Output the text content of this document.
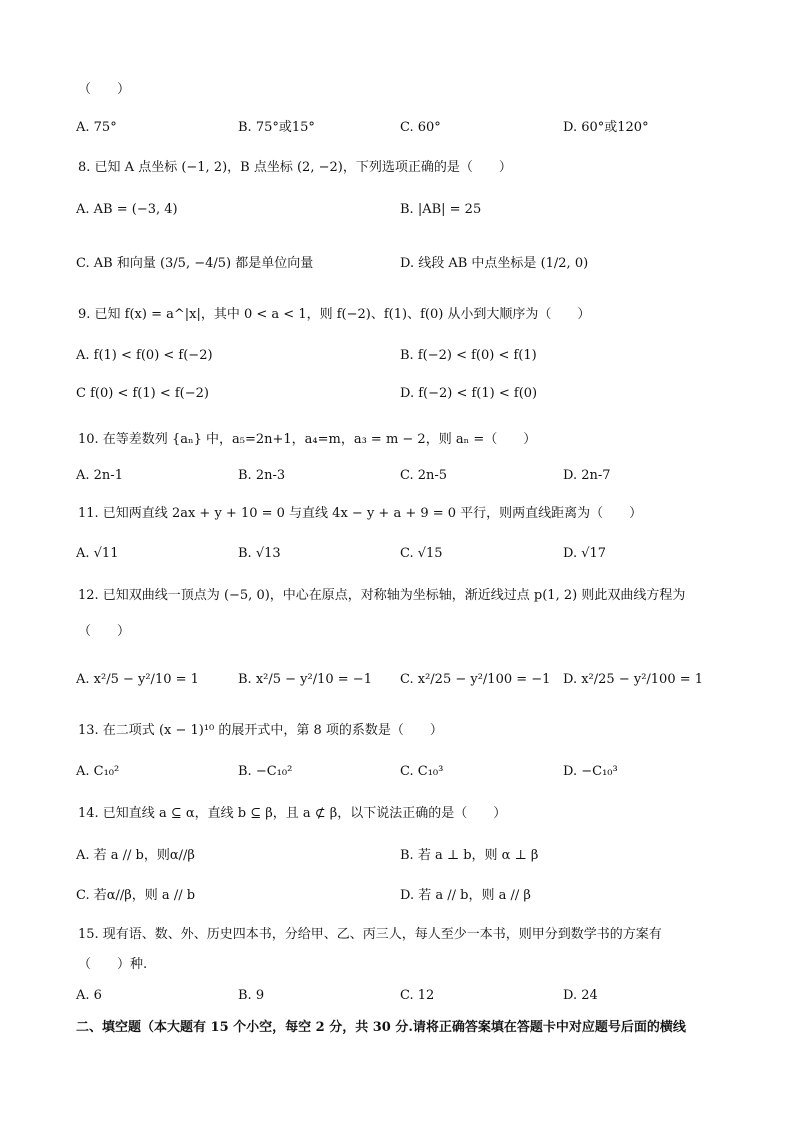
（　　）
A. 75°	B. 75°或15°	C. 60°	D. 60°或120°
8. 已知 A 点坐标 (−1, 2)，B 点坐标 (2, −2)，下列选项正确的是（　　）
A. AB = (−3, 4)	B. |AB| = 25
C. AB 和向量 (3/5, −4/5) 都是单位向量	D. 线段 AB 中点坐标是 (1/2, 0)
9. 已知 f(x) = a^|x|，其中 0 < a < 1，则 f(−2)、f(1)、f(0) 从小到大顺序为（　　）
A. f(1) < f(0) < f(−2)	B. f(−2) < f(0) < f(1)
C f(0) < f(1) < f(−2)	D. f(−2) < f(1) < f(0)
10. 在等差数列 {aₙ} 中，a₅=2n+1，a₄=m，a₃ = m − 2，则 aₙ =（　　）
A. 2n-1	B. 2n-3	C. 2n-5	D. 2n-7
11. 已知两直线 2ax + y + 10 = 0 与直线 4x − y + a + 9 = 0 平行，则两直线距离为（　　）
A. √11	B. √13	C. √15	D. √17
12. 已知双曲线一顶点为 (−5, 0)，中心在原点，对称轴为坐标轴，渐近线过点 p(1, 2) 则此双曲线方程为
（　　）
A. x²/5 − y²/10 = 1	B. x²/5 − y²/10 = −1 C. x²/25 − y²/100 = −1 D. x²/25 − y²/100 = 1
13. 在二项式 (x − 1)¹⁰ 的展开式中，第 8 项的系数是（　　）
A. C₁₀²	B. −C₁₀²	C. C₁₀³	D. −C₁₀³
14. 已知直线 a ⊆ α，直线 b ⊆ β，且 a ⊄ β，以下说法正确的是（　　）
A. 若 a // b，则α//β	B. 若 a ⊥ b，则 α ⊥ β
C. 若α//β，则 a // b	D. 若 a // b，则 a // β
15. 现有语、数、外、历史四本书，分给甲、乙、丙三人，每人至少一本书，则甲分到数学书的方案有
（　　）种.
A. 6	B. 9	C. 12	D. 24
二、填空题（本大题有 15 个小空，每空 2 分，共 30 分.请将正确答案填在答题卡中对应题号后面的横线
